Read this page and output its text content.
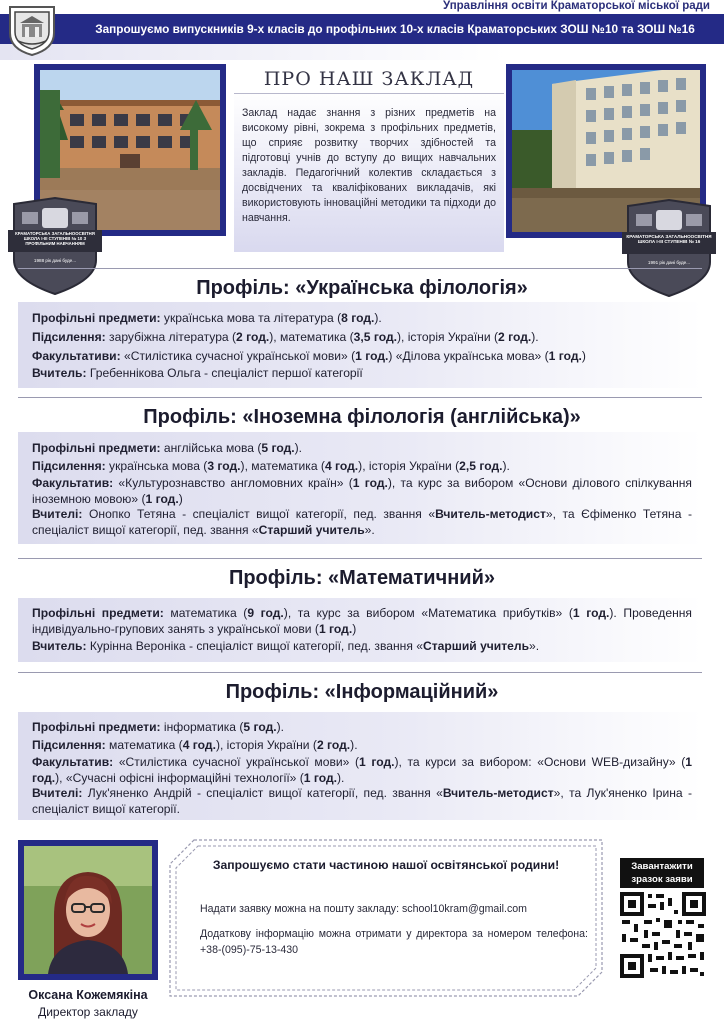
Управління освіти Краматорської міської ради
Запрошуємо випускників 9-х класів до профільних 10-х класів Краматорських ЗОШ №10 та ЗОШ №16
КРАМАТОРСЬКА ЗАГАЛЬНООСВІТНЯ ШКОЛА І-ІІІ СТУПЕНІВ № 10 З ПРОФІЛЬНИМ НАВЧАННЯМ
1988 рік дані буде...
ПРО НАШ ЗАКЛАД
Заклад надає знання з різних предметів на високому рівні, зокрема з профільних предметів, що сприяє розвитку творчих здібностей та підготовці учнів до вступу до вищих навчальних закладів. Педагогічний колектив складається з досвідчених та кваліфікованих викладачів, які використовують інноваційні методики та підходи до навчання.
КРАМАТОРСЬКА ЗАГАЛЬНООСВІТНЯ ШКОЛА І-ІІІ СТУПЕНІВ № 16
1991 рік дані буде...
Профіль: «Українська філологія»
Профільні предмети: українська мова та література (8 год.).
Підсилення: зарубіжна література (2 год.), математика (3,5 год.), історія України (2 год.).
Факультативи: «Стилістика сучасної української мови» (1 год.) «Ділова українська мова» (1 год.)
Вчитель: Гребеннікова Ольга - спеціаліст першої категорії
Профіль: «Іноземна філологія (англійська)»
Профільні предмети: англійська мова (5 год.).
Підсилення: українська мова (3 год.), математика (4 год.), історія України (2,5 год.).
Факультатив: «Культурознавство англомовних країн» (1 год.), та курс за вибором «Основи ділового спілкування іноземною мовою» (1 год.)
Вчителі: Онопко Тетяна - спеціаліст вищої категорії, пед. звання «Вчитель-методист», та Єфіменко Тетяна - спеціаліст вищої категорії, пед. звання «Старший учитель».
Профіль: «Математичний»
Профільні предмети: математика (9 год.), та курс за вибором «Математика прибутків» (1 год.). Проведення індивідуально-групових занять з української мови (1 год.)
Вчитель: Курінна Вероніка - спеціаліст вищої категорії, пед. звання «Старший учитель».
Профіль: «Інформаційний»
Профільні предмети: інформатика (5 год.).
Підсилення: математика (4 год.), історія України (2 год.).
Факультатив: «Стилістика сучасної української мови» (1 год.), та курси за вибором: «Основи WEB-дизайну» (1 год.), «Сучасні офісні інформаційні технології» (1 год.).
Вчителі: Лук'яненко Андрій - спеціаліст вищої категорії, пед. звання «Вчитель-методист», та Лук'яненко Ірина - спеціаліст вищої категорії.
Оксана Кожемякіна
Директор закладу
Запрошуємо стати частиною нашої освітянської родини!
Надати заявку можна на пошту закладу: school10kram@gmail.com
Додаткову інформацію можна отримати у директора за номером телефона: +38-(095)-75-13-430
Завантажити зразок заяви
